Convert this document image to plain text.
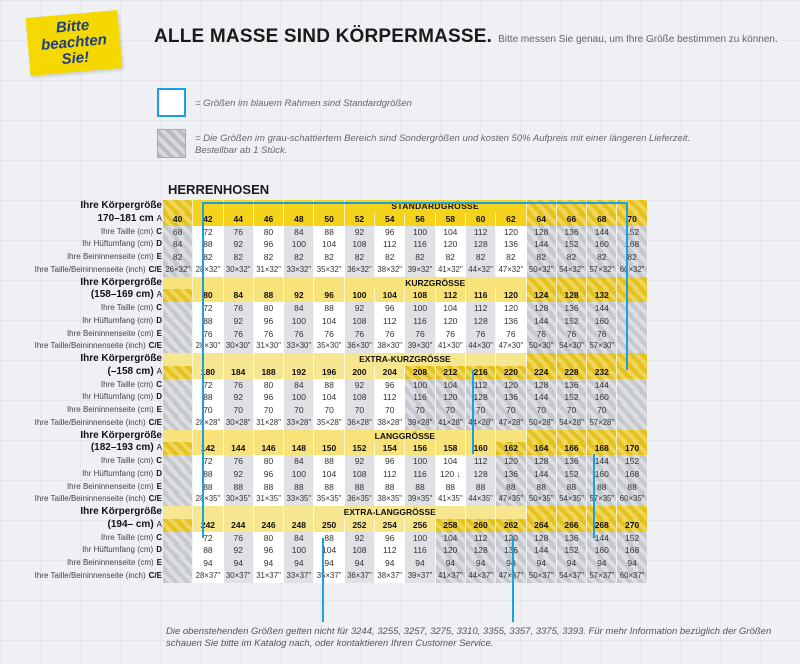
Bitte
beachten
Sie!
ALLE MASSE SIND KÖRPERMASSE. Bitte messen Sie genau, um Ihre Größe bestimmen zu können.
= Größen im blauem Rahmen sind Standardgrößen
= Die Größen im grau-schattiertem Bereich sind Sondergrößen und kosten 50% Aufpreis mit einer längeren Lieferzeit.
Bestellbar ab 1 Stück.
HERRENHOSEN
Ihre Körpergröße	STANDARDGRÖSSE
170–181 cm A	40	42	44	46	48	50	52	54	56	58	60	62	64	66	68	70
Ihre Taille (cm) C	68	72	76	80	84	88	92	96	100	104	112	120	128	136	144	152
Ihr Hüftumfang (cm) D	84	88	92	96	100	104	108	112	116	120	128	136	144	152	160	168
Ihre Beininnenseite (cm) E	82	82	82	82	82	82	82	82	82	82	82	82	82	82	82	82
Ihre Taille/Beininnenseite (inch) C/E 26×32" 28×32" 30×32" 31×32" 33×32" 35×32" 36×32" 38×32" 39×32" 41×32" 44×32" 47×32" 50×32" 54×32" 57×32" 60×32"
Ihre Körpergröße	KURZGRÖSSE
(158–169 cm) A	80	84	88	92	96	100	104	108	112	116	120	124	128	132
Ihre Taille (cm) C	72	76	80	84	88	92	96	100	104	112	120	128	136	144
Ihr Hüftumfang (cm) D	88	92	96	100	104	108	112	116	120	128	136	144	152	160
Ihre Beininnenseite (cm) E	76	76	76	76	76	76	76	76	76	76	76	76	76	76
Ihre Taille/Beininnenseite (inch) C/E	28×30" 30×30" 31×30" 33×30" 35×30" 36×30" 38×30" 39×30" 41×30" 44×30" 47×30" 50×30" 54×30" 57×30"
Ihre Körpergröße	EXTRA-KURZGRÖSSE
(–158 cm) A	180	184	188	192	196	200	204	208	212	216	220	224	228	232
Ihre Taille (cm) C	72	76	80	84	88	92	96	100	104	112	120	128	136	144
Ihr Hüftumfang (cm) D	88	92	96	100	104	108	112	116	120	128	136	144	152	160
Ihre Beininnenseite (cm) E	70	70	70	70	70	70	70	70	70	70	70	70	70	70
Ihre Taille/Beininnenseite (inch) C/E	28×28" 30×28" 31×28" 33×28" 35×28" 36×28" 38×28" 39×28" 41×28" 44×28" 47×28" 50×28" 54×28" 57×28"
Ihre Körpergröße	LANGGRÖSSE
(182–193 cm) A	142	144	146	148	150	152	154	156	158	160	162	164	166	168	170
Ihre Taille (cm) C	72	76	80	84	88	92	96	100	104	112	120	128	136	144	152
Ihr Hüftumfang (cm) D	88	92	96	100	104	108	112	116	120 ↓	128	136	144	152	160	168
Ihre Beininnenseite (cm) E	88	88	88	88	88	88	88	88	88	88	88	88	88	88	88
Ihre Taille/Beininnenseite (inch) C/E	28×35" 30×35" 31×35" 33×35" 35×35" 36×35" 38×35" 39×35" 41×35" 44×35" 47×35" 50×35" 54×35" 57×35" 60×35"
Ihre Körpergröße	EXTRA-LANGGRÖSSE
(194– cm) A	242	244	246	248	250	252	254	256	258	260	262	264	266	268	270
Ihre Taille (cm) C	72	76	80	84	88	92	96	100	104	112	120	128	136	144	152
Ihr Hüftumfang (cm) D	88	92	96	100	104	108	112	116	120	128	136	144	152	160	168
Ihre Beininnenseite (cm) E	94	94	94	94	94	94	94	94	94	94	94	94	94	94	94
Ihre Taille/Beininnenseite (inch) C/E	28×37" 30×37" 31×37" 33×37" 35×37" 36×37" 38×37" 39×37" 41×37" 44×37" 47×37" 50×37" 54×37" 57×37" 60×37"
Die obenstehenden Größen gelten nicht für 3244, 3255, 3257, 3275, 3310, 3355, 3357, 3375, 3393. Für mehr Information bezüglich der Größen schauen Sie bitte im Katalog nach, oder kontaktieren Ihren Customer Service.
